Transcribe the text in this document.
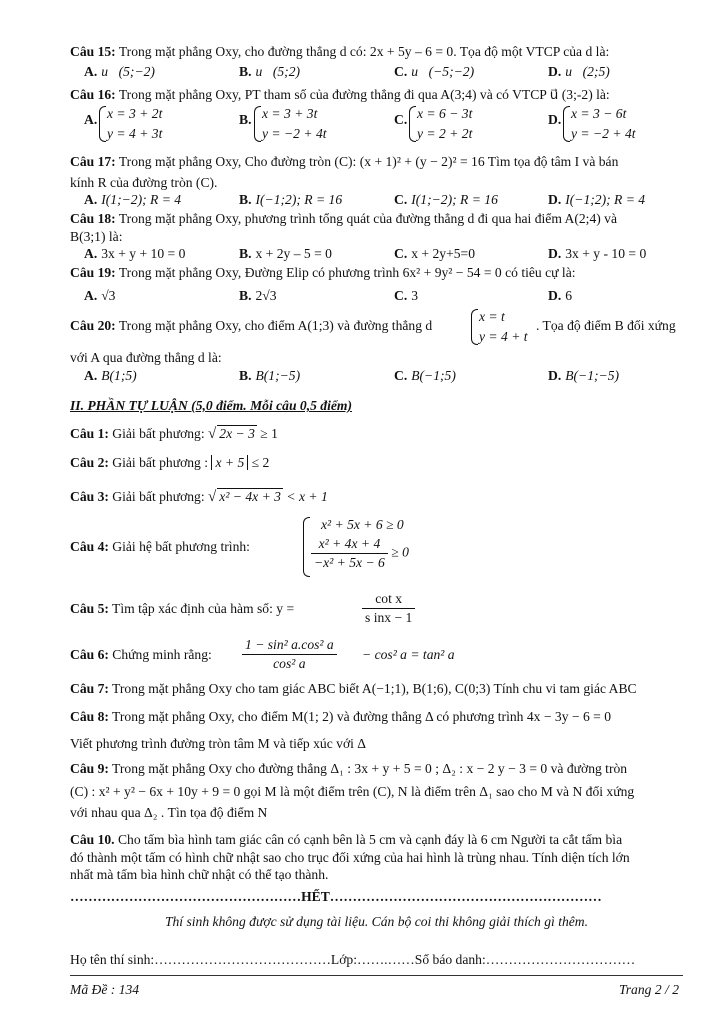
Câu 15: Trong mặt phẳng Oxy, cho đường thẳng d có: 2x + 5y – 6 = 0. Tọa độ một VTCP của d là:
A. u⃗(5;−2)	B. u⃗(5;2)	C. u⃗(−5;−2)	D. u⃗(2;5)
Câu 16: Trong mặt phẳng Oxy, PT tham số của đường thẳng đi qua A(3;4) và có VTCP u⃗ (3;-2) là:
A. x = 3 + 2t
y = 4 + 3t
B. x = 3 + 3t
y = −2 + 4t
C. x = 6 − 3t
y = 2 + 2t
D. x = 3 − 6t
y = −2 + 4t
Câu 17: Trong mặt phẳng Oxy, Cho đường tròn (C): (x + 1)² + (y − 2)² = 16 Tìm tọa độ tâm I và bán
kính R của đường tròn (C).
A. I(1;−2); R = 4	B. I(−1;2); R = 16	C. I(1;−2); R = 16	D. I(−1;2); R = 4
Câu 18: Trong mặt phẳng Oxy, phương trình tổng quát của đường thẳng d đi qua hai điểm A(2;4) và
B(3;1) là:
A. 3x + y + 10 = 0	B. x + 2y – 5 = 0	C. x + 2y+5=0	D. 3x + y - 10 = 0
Câu 19: Trong mặt phẳng Oxy, Đường Elip có phương trình 6x² + 9y² − 54 = 0 có tiêu cự là:
A. √3	B. 2√3	C. 3	D. 6
Câu 20: Trong mặt phẳng Oxy, cho điểm A(1;3) và đường thẳng d
x = t
y = 4 + t
. Tọa độ điểm B đối xứng
với A qua đường thẳng d là:
A. B(1;5)	B. B(1;−5)	C. B(−1;5)	D. B(−1;−5)
II. PHẦN TỰ LUẬN (5,0 điểm. Mỗi câu 0,5 điểm)
Câu 1: Giải bất phương: √ 2x − 3 ≥ 1
Câu 2: Giải bất phương : x + 5 ≤ 2
Câu 3: Giải bất phương: √ x² − 4x + 3 < x + 1
Câu 4: Giải hệ bất phương trình:
x² + 5x + 6 ≥ 0
$\frac{\text{x² + 4x + 4}}{\text{−x² + 5x − 6}} \ge 0$
Câu 5: Tìm tập xác định của hàm số: y =
cot x
s inx − 1
Câu 6: Chứng minh rằng: $\frac{\text{1 − sin² a.cos² a}}{\text{cos² a}} - \cos^2$ a = tan² a
Câu 7: Trong mặt phẳng Oxy cho tam giác ABC biết A(−1;1), B(1;6), C(0;3) Tính chu vi tam giác ABC
Câu 8: Trong mặt phẳng Oxy, cho điểm M(1; 2) và đường thẳng Δ có phương trình 4x − 3y − 6 = 0
Viết phương trình đường tròn tâm M và tiếp xúc với Δ
Câu 9: Trong mặt phẳng Oxy cho đường thẳng Δ₁ : 3x + y + 5 = 0 ; Δ₂ : x − 2 y − 3 = 0 và đường tròn
(C) : x² + y² − 6x + 10y + 9 = 0 gọi M là một điểm trên (C), N là điểm trên Δ₁ sao cho M và N đối xứng
với nhau qua Δ₂ . Tìn tọa độ điểm N
Câu 10. Cho tấm bìa hình tam giác cân có cạnh bên là 5 cm và cạnh đáy là 6 cm Người ta cắt tấm bìa
đó thành một tấm có hình chữ nhật sao cho trục đối xứng của hai hình là trùng nhau. Tính diện tích lớn
nhất mà tấm bìa hình chữ nhật có thể tạo thành.
……………………………………………HẾT……………………………………………………
Thí sinh không được sử dụng tài liệu. Cán bộ coi thi không giải thích gì thêm.
Họ tên thí sinh:…………………………………Lớp:…….……Số báo danh:……………………………
Mã Đề : 134	Trang 2 / 2
